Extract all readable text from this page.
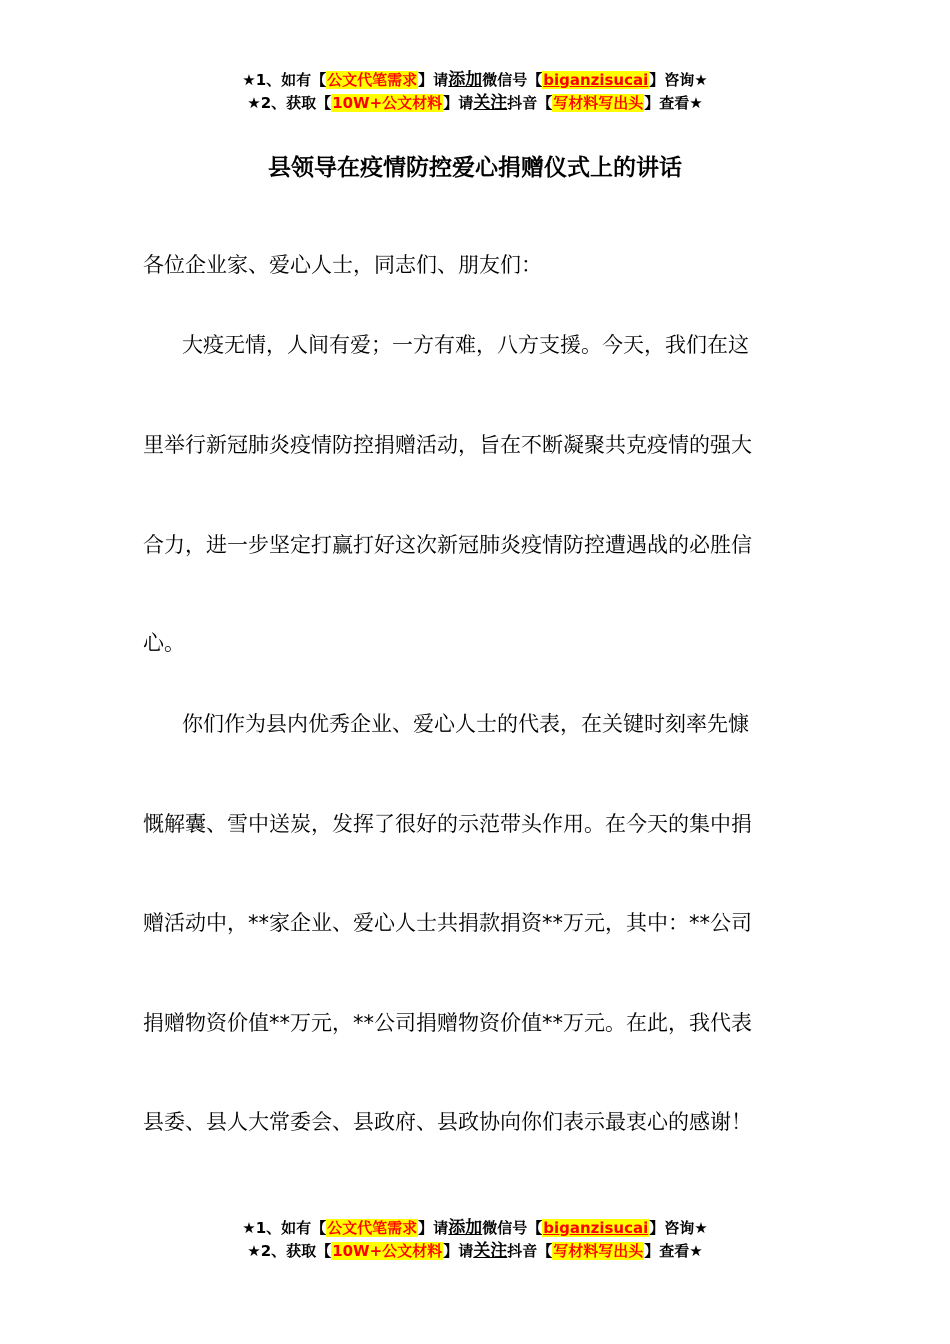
★1、如有【公文代笔需求】请添加微信号【biganzisucai】咨询★
★2、获取【10W+公文材料】请关注抖音【写材料写出头】查看★
县领导在疫情防控爱心捐赠仪式上的讲话

各位企业家、爱心人士，同志们、朋友们：

大疫无情，人间有爱；一方有难，八方支援。今天，我们在这

里举行新冠肺炎疫情防控捐赠活动，旨在不断凝聚共克疫情的强大

合力，进一步坚定打赢打好这次新冠肺炎疫情防控遭遇战的必胜信

心。

你们作为县内优秀企业、爱心人士的代表，在关键时刻率先慷

慨解囊、雪中送炭，发挥了很好的示范带头作用。在今天的集中捐

赠活动中，**家企业、爱心人士共捐款捐资**万元，其中：**公司

捐赠物资价值**万元，**公司捐赠物资价值**万元。在此，我代表

县委、县人大常委会、县政府、县政协向你们表示最衷心的感谢！

★1、如有【公文代笔需求】请添加微信号【biganzisucai】咨询★
★2、获取【10W+公文材料】请关注抖音【写材料写出头】查看★
